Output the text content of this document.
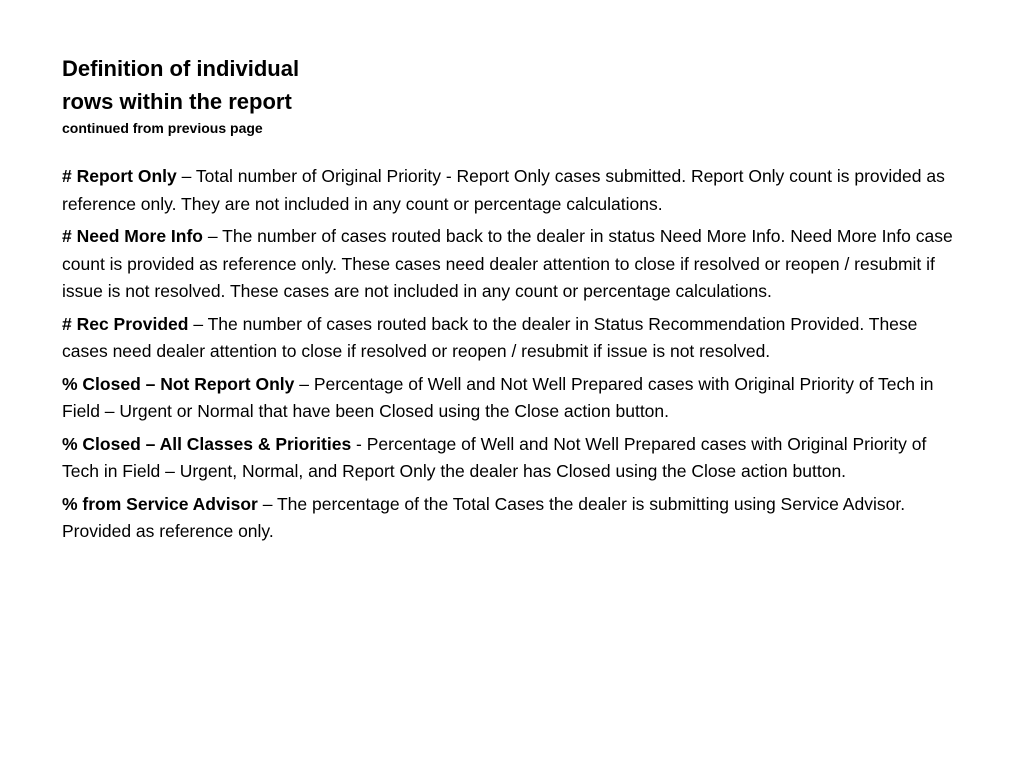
Definition of individual
rows within the report
continued from previous page

# Report Only – Total number of Original Priority - Report Only cases submitted. Report Only count is provided as reference only. They are not included in any count or percentage calculations.

# Need More Info – The number of cases routed back to the dealer in status Need More Info. Need More Info case count is provided as reference only. These cases need dealer attention to close if resolved or reopen / resubmit if issue is not resolved. These cases are not included in any count or percentage calculations.

# Rec Provided – The number of cases routed back to the dealer in Status Recommendation Provided. These cases need dealer attention to close if resolved or reopen / resubmit if issue is not resolved.

% Closed – Not Report Only – Percentage of Well and Not Well Prepared cases with Original Priority of Tech in Field – Urgent or Normal that have been Closed using the Close action button.

% Closed – All Classes & Priorities - Percentage of Well and Not Well Prepared cases with Original Priority of Tech in Field – Urgent, Normal, and Report Only the dealer has Closed using the Close action button.

% from Service Advisor – The percentage of the Total Cases the dealer is submitting using Service Advisor. Provided as reference only.
